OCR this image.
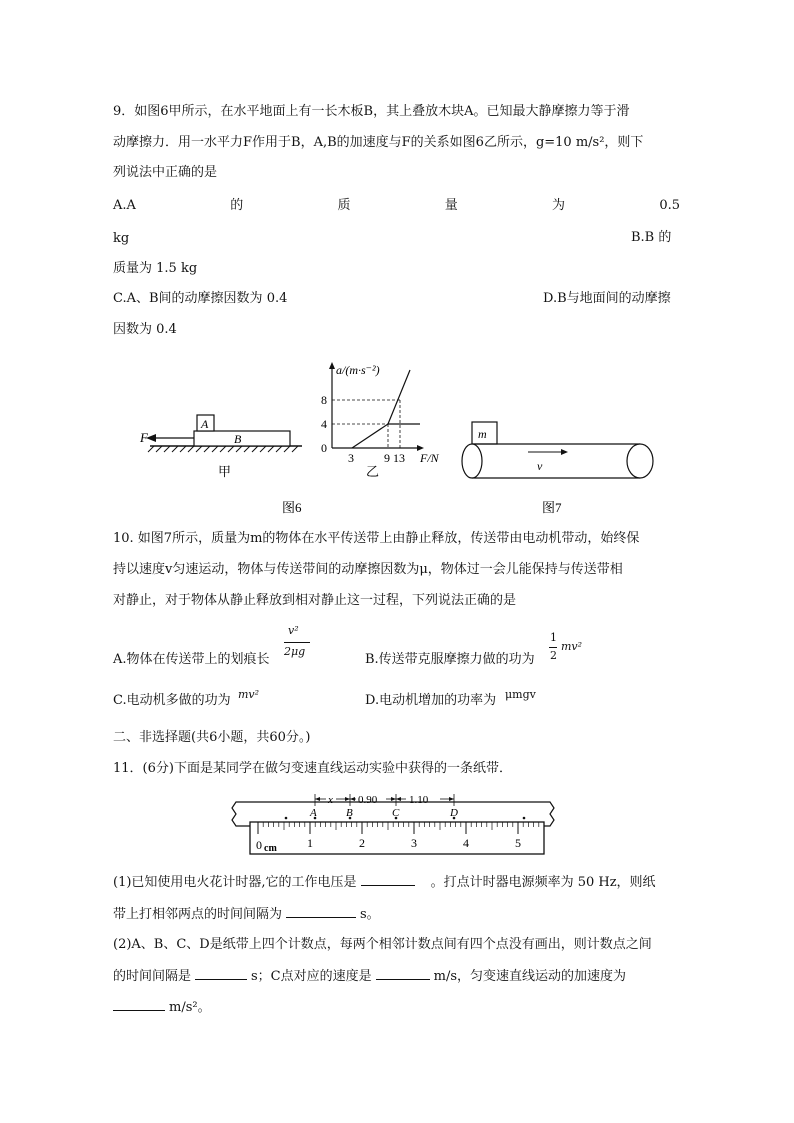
9．如图6甲所示，在水平地面上有一长木板B，其上叠放木块A。已知最大静摩擦力等于滑
动摩擦力．用一水平力F作用于B，A,B的加速度与F的关系如图6乙所示，g=10 m/s²，则下
列说法中正确的是
A.A	的	质	量	为	0.5
kg	B.B 的
质量为 1.5 kg
C.A、B间的动摩擦因数为 0.4	D.B与地面间的动摩擦
因数为 0.4
F
A
B
甲
a/(m·s⁻²)
8
4
0
3	9 13 F/N
乙
图6
m
v
图7
10. 如图7所示，质量为m的物体在水平传送带上由静止释放，传送带由电动机带动，始终保
持以速度v匀速运动，物体与传送带间的动摩擦因数为μ，物体过一会儿能保持与传送带相
对静止，对于物体从静止释放到相对静止这一过程，下列说法正确的是
A.物体在传送带上的划痕长
v²
2μg
B.传送带克服摩擦力做的功为
1
2
mv²
C.电动机多做的功为 mv²	D.电动机增加的功率为 μmgv
二、非选择题(共6小题，共60分。)
11．(6分)下面是某同学在做匀变速直线运动实验中获得的一条纸带．
0 cm	1	2	3	4	5
A	B	C	D
x 0.90	1.10
(1)已知使用电火花计时器,它的工作电压是	。打点计时器电源频率为 50 Hz，则纸
带上打相邻两点的时间间隔为	s。
(2)A、B、C、D是纸带上四个计数点，每两个相邻计数点间有四个点没有画出，则计数点之间
的时间间隔是	s；C点对应的速度是	m/s，匀变速直线运动的加速度为
m/s²。
